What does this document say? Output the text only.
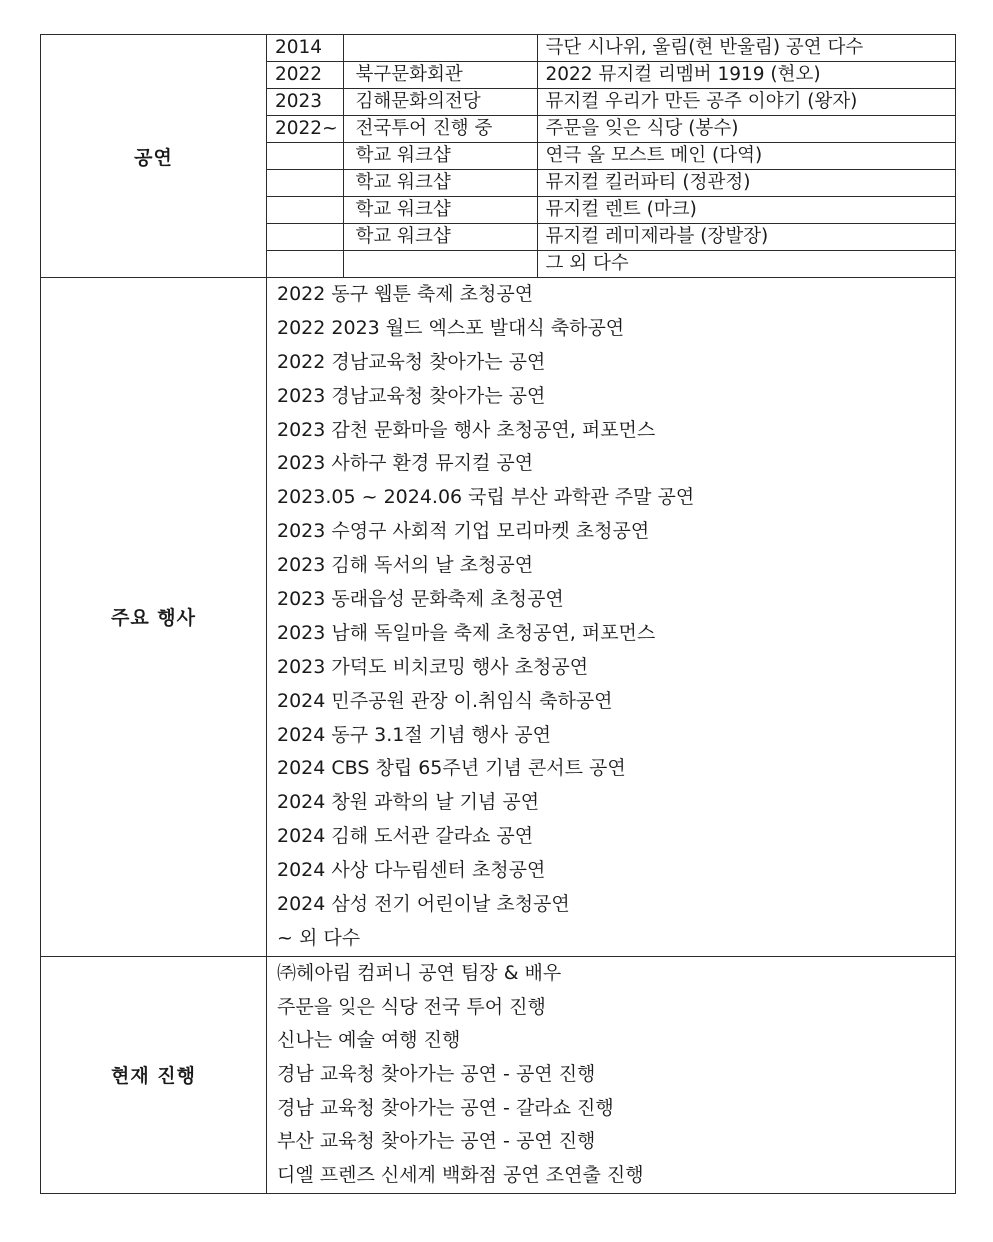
공연	
2014		극단 시나위, 울림(현 반울림) 공연 다수
2022	북구문화회관	2022 뮤지컬 리멤버 1919 (현오)
2023	김해문화의전당	뮤지컬 우리가 만든 공주 이야기 (왕자)
2022~	전국투어 진행 중	주문을 잊은 식당 (봉수)
	학교 워크샵	연극 올 모스트 메인 (다역)
	학교 워크샵	뮤지컬 킬러파티 (정관정)
	학교 워크샵	뮤지컬 렌트 (마크)
	학교 워크샵	뮤지컬 레미제라블 (장발장)
		그 외 다수

주요 행사	
2022 동구 웹툰 축제 초청공연
2022 2023 월드 엑스포 발대식 축하공연
2022 경남교육청 찾아가는 공연
2023 경남교육청 찾아가는 공연
2023 감천 문화마을 행사 초청공연, 퍼포먼스
2023 사하구 환경 뮤지컬 공연
2023.05 ~ 2024.06 국립 부산 과학관 주말 공연
2023 수영구 사회적 기업 모리마켓 초청공연
2023 김해 독서의 날 초청공연
2023 동래읍성 문화축제 초청공연
2023 남해 독일마을 축제 초청공연, 퍼포먼스
2023 가덕도 비치코밍 행사 초청공연
2024 민주공원 관장 이.취임식 축하공연
2024 동구 3.1절 기념 행사 공연
2024 CBS 창립 65주년 기념 콘서트 공연
2024 창원 과학의 날 기념 공연
2024 김해 도서관 갈라쇼 공연
2024 사상 다누림센터 초청공연
2024 삼성 전기 어린이날 초청공연
~ 외 다수

현재 진행	
㈜헤아림 컴퍼니 공연 팀장 & 배우
주문을 잊은 식당 전국 투어 진행
신나는 예술 여행 진행
경남 교육청 찾아가는 공연 - 공연 진행
경남 교육청 찾아가는 공연 - 갈라쇼 진행
부산 교육청 찾아가는 공연 - 공연 진행
디엘 프렌즈 신세계 백화점 공연 조연출 진행
